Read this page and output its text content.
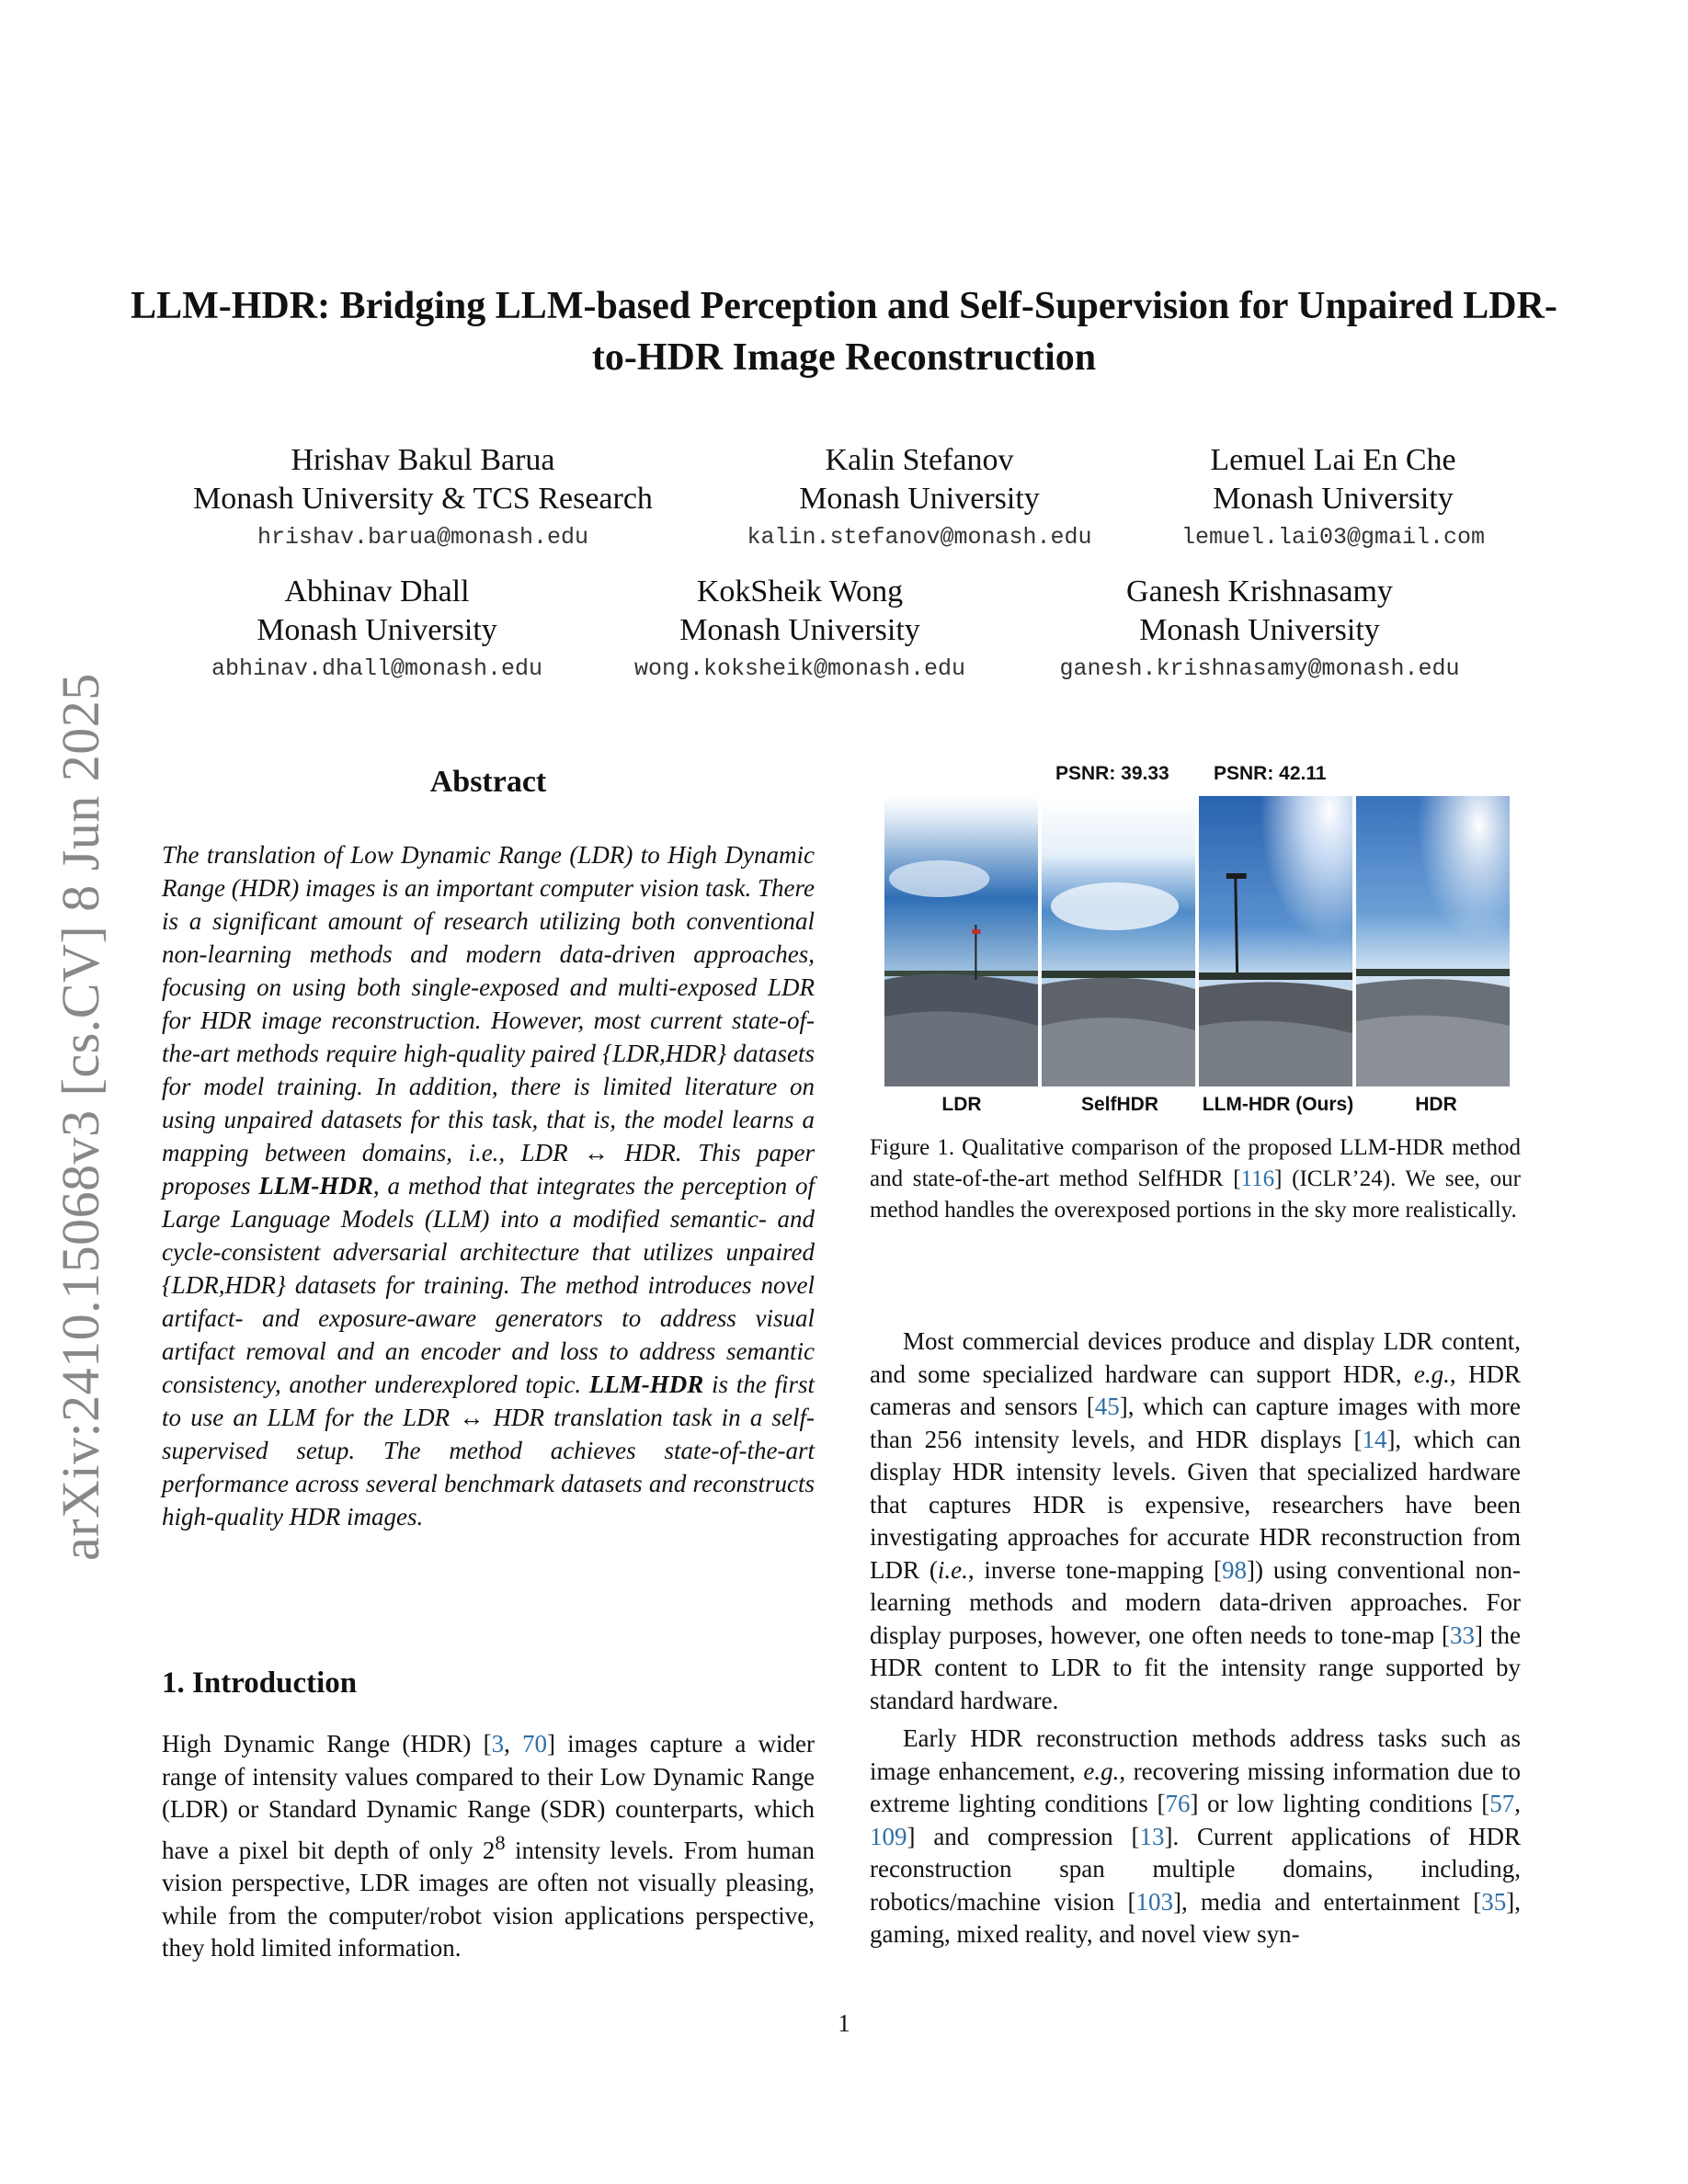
arXiv:2410.15068v3 [cs.CV] 8 Jun 2025
LLM-HDR: Bridging LLM-based Perception and Self-Supervision for Unpaired LDR-to-HDR Image Reconstruction
Hrishav Bakul Barua
Monash University & TCS Research
hrishav.barua@monash.edu
Kalin Stefanov
Monash University
kalin.stefanov@monash.edu
Lemuel Lai En Che
Monash University
lemuel.lai03@gmail.com
Abhinav Dhall
Monash University
abhinav.dhall@monash.edu
KokSheik Wong
Monash University
wong.koksheik@monash.edu
Ganesh Krishnasamy
Monash University
ganesh.krishnasamy@monash.edu
Abstract
The translation of Low Dynamic Range (LDR) to High Dynamic Range (HDR) images is an important computer vision task. There is a significant amount of research utilizing both conventional non-learning methods and modern data-driven approaches, focusing on using both single-exposed and multi-exposed LDR for HDR image reconstruction. However, most current state-of-the-art methods require high-quality paired {LDR,HDR} datasets for model training. In addition, there is limited literature on using unpaired datasets for this task, that is, the model learns a mapping between domains, i.e., LDR ↔ HDR. This paper proposes LLM-HDR, a method that integrates the perception of Large Language Models (LLM) into a modified semantic- and cycle-consistent adversarial architecture that utilizes unpaired {LDR,HDR} datasets for training. The method introduces novel artifact- and exposure-aware generators to address visual artifact removal and an encoder and loss to address semantic consistency, another underexplored topic. LLM-HDR is the first to use an LLM for the LDR ↔ HDR translation task in a self-supervised setup. The method achieves state-of-the-art performance across several benchmark datasets and reconstructs high-quality HDR images.
1. Introduction
High Dynamic Range (HDR) [3, 70] images capture a wider range of intensity values compared to their Low Dynamic Range (LDR) or Standard Dynamic Range (SDR) counterparts, which have a pixel bit depth of only $2^8$ intensity levels. From human vision perspective, LDR images are often not visually pleasing, while from the computer/robot vision applications perspective, they hold limited information.
PSNR: 39.33 PSNR: 42.11
LDR	SelfHDR	LLM-HDR (Ours)	HDR
Figure 1. Qualitative comparison of the proposed LLM-HDR method and state-of-the-art method SelfHDR [116] (ICLR’24). We see, our method handles the overexposed portions in the sky more realistically.

Most commercial devices produce and display LDR content, and some specialized hardware can support HDR, e.g., HDR cameras and sensors [45], which can capture images with more than 256 intensity levels, and HDR displays [14], which can display HDR intensity levels. Given that specialized hardware that captures HDR is expensive, researchers have been investigating approaches for accurate HDR reconstruction from LDR (i.e., inverse tone-mapping [98]) using conventional non-learning methods and modern data-driven approaches. For display purposes, however, one often needs to tone-map [33] the HDR content to LDR to fit the intensity range supported by standard hardware.

Early HDR reconstruction methods address tasks such as image enhancement, e.g., recovering missing information due to extreme lighting conditions [76] or low lighting conditions [57, 109] and compression [13]. Current applications of HDR reconstruction span multiple domains, including, robotics/machine vision [103], media and entertainment [35], gaming, mixed reality, and novel view syn-

1
